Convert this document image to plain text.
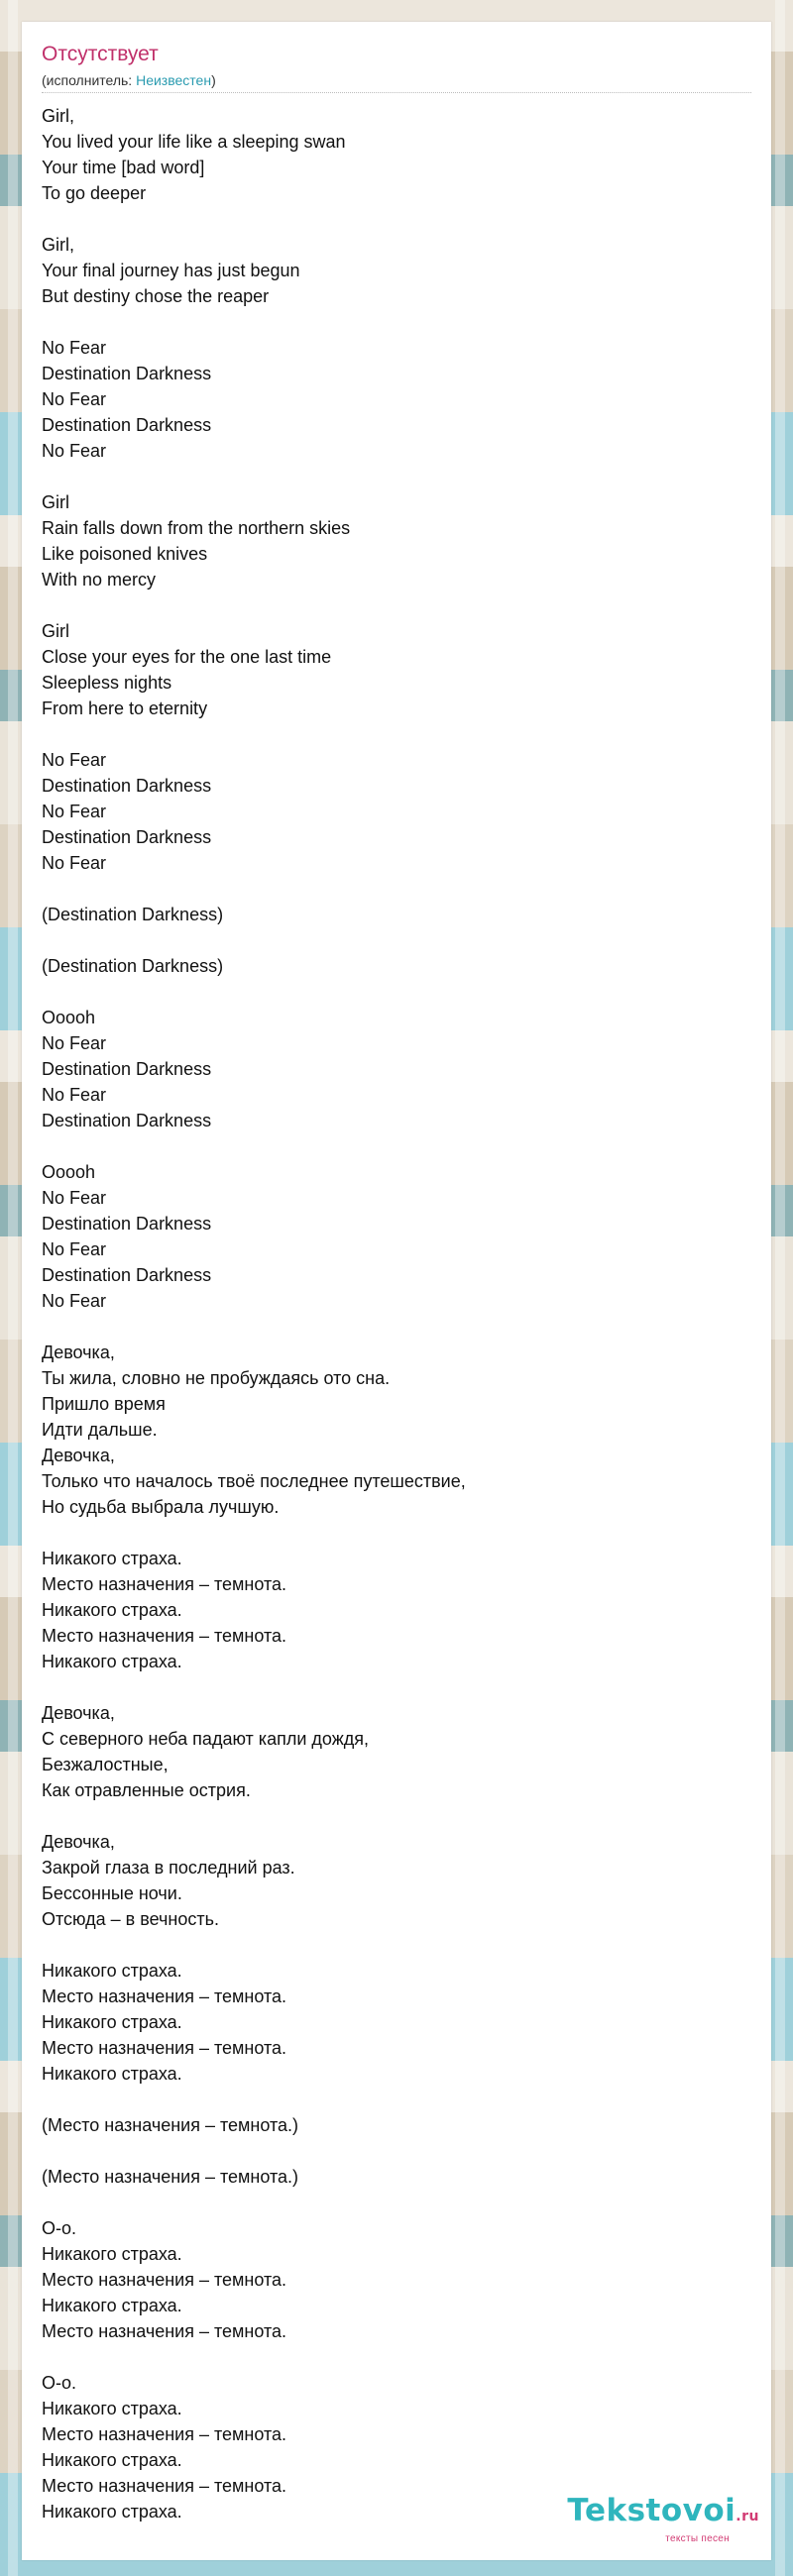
Отсутствует
(исполнитель: Неизвестен)
Girl,
You lived your life like a sleeping swan
Your time [bad word]
To go deeper
Girl,
Your final journey has just begun
But destiny chose the reaper
No Fear
Destination Darkness
No Fear
Destination Darkness
No Fear
Girl
Rain falls down from the northern skies
Like poisoned knives
With no mercy
Girl
Close your eyes for the one last time
Sleepless nights
From here to eternity
No Fear
Destination Darkness
No Fear
Destination Darkness
No Fear
(Destination Darkness)
(Destination Darkness)
Ooooh
No Fear
Destination Darkness
No Fear
Destination Darkness
Ooooh
No Fear
Destination Darkness
No Fear
Destination Darkness
No Fear
Девочка,
Ты жила, словно не пробуждаясь ото сна.
Пришло время
Идти дальше.
Девочка,
Только что началось твоё последнее путешествие,
Но судьба выбрала лучшую.
Никакого страха.
Место назначения – темнота.
Никакого страха.
Место назначения – темнота.
Никакого страха.
Девочка,
С северного неба падают капли дождя,
Безжалостные,
Как отравленные острия.
Девочка,
Закрой глаза в последний раз.
Бессонные ночи.
Отсюда – в вечность.
Никакого страха.
Место назначения – темнота.
Никакого страха.
Место назначения – темнота.
Никакого страха.
(Место назначения – темнота.)
(Место назначения – темнота.)
О-о.
Никакого страха.
Место назначения – темнота.
Никакого страха.
Место назначения – темнота.
О-о.
Никакого страха.
Место назначения – темнота.
Никакого страха.
Место назначения – темнота.
Никакого страха.	Tekstovoi.ru
тексты песен
